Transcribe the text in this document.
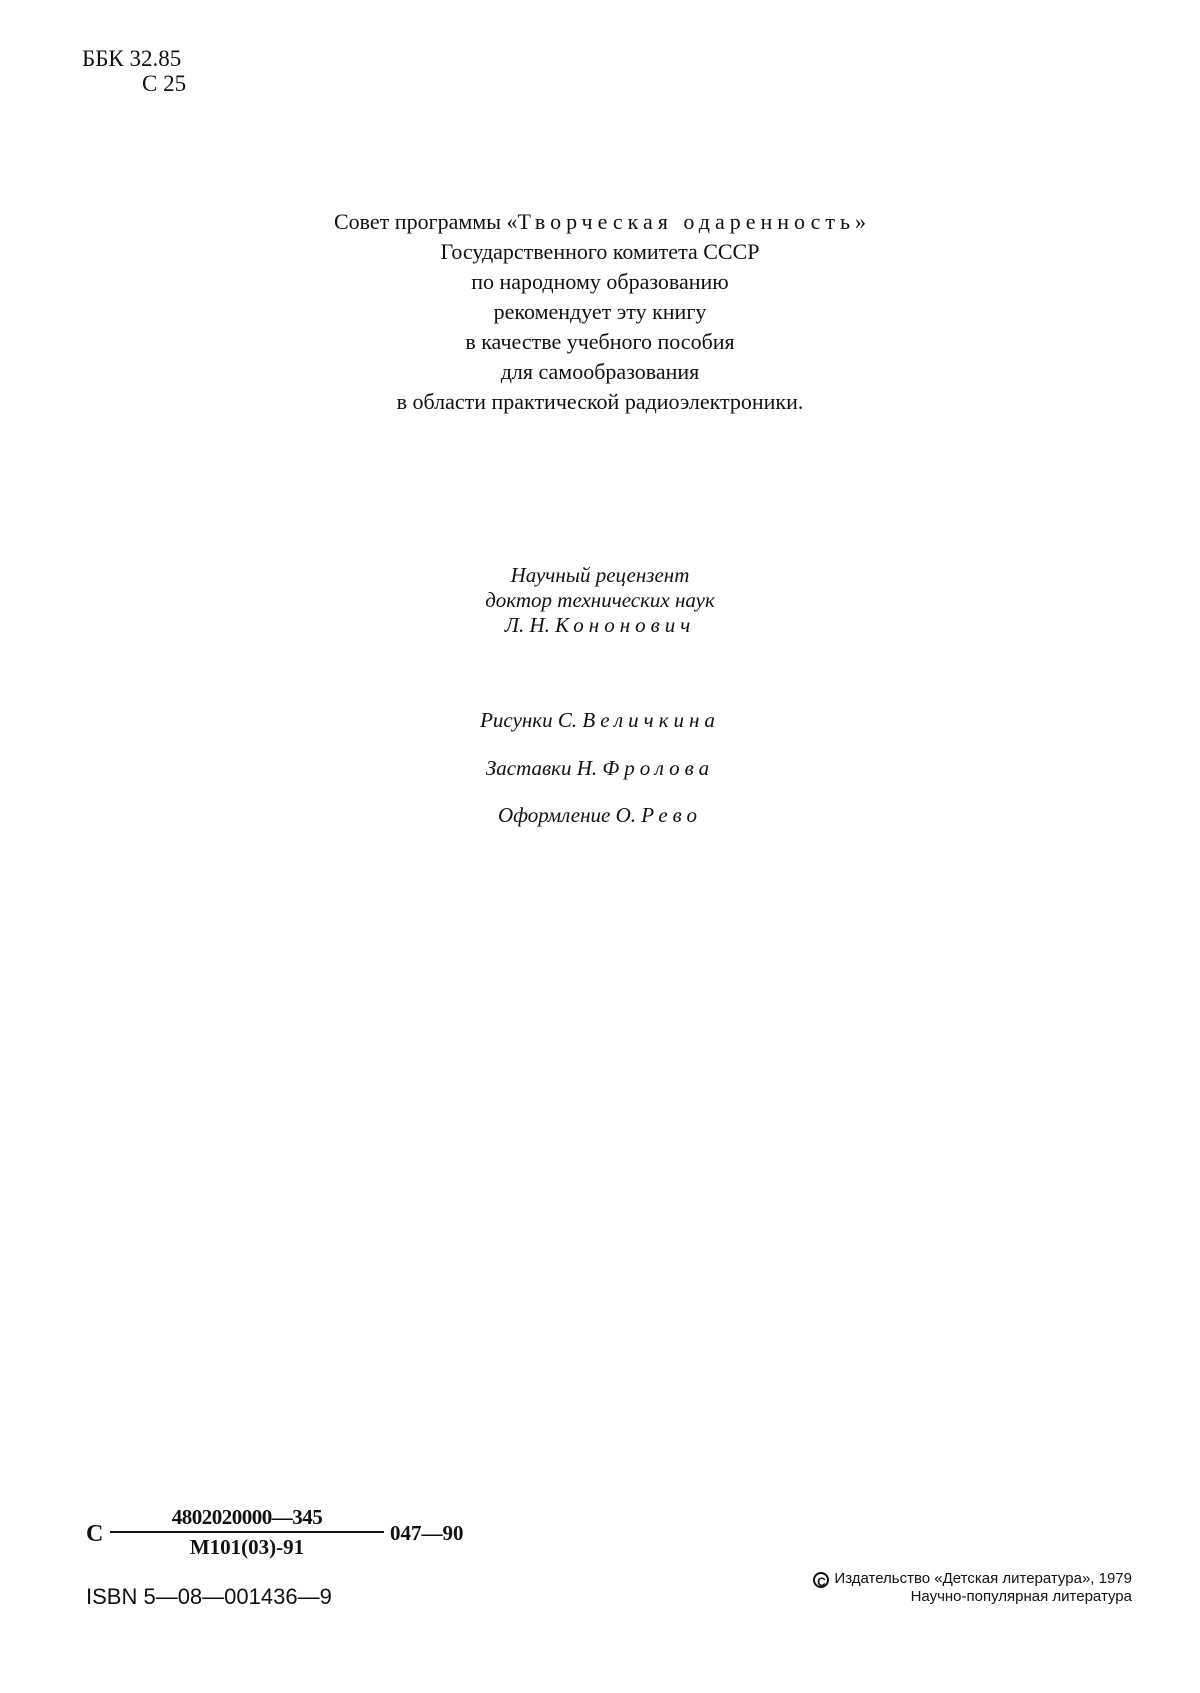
ББК 32.85
С 25
Совет программы «Творческая одаренность»
Государственного комитета СССР
по народному образованию
рекомендует эту книгу
в качестве учебного пособия
для самообразования
в области практической радиоэлектроники.
Научный рецензент
доктор технических наук
Л. Н. Кононович
Рисунки С. Величкина
Заставки Н. Фролова
Оформление О. Рево
С
4802020000—345
М101(03)-91
047—90
ISBN 5—08—001436—9
C Издательство «Детская литература», 1979
Научно-популярная литература
